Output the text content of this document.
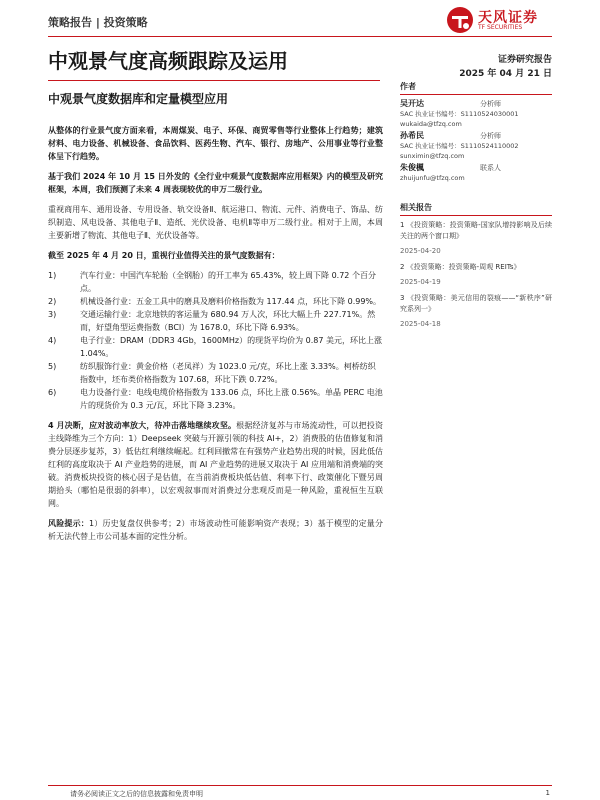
策略报告 | 投资策略	天风证券
TF SECURITIES
中观景气度高频跟踪及运用	证券研究报告
2025 年 04 月 21 日
中观景气度数据库和定量模型应用

从整体的行业景气度方面来看，本周煤炭、电子、环保、商贸零售等行业整体上行趋势；建筑材料、电力设备、机械设备、食品饮料、医药生物、汽车、银行、房地产、公用事业等行业整体呈下行趋势。

基于我们 2024 年 10 月 15 日外发的《全行业中观景气度数据库应用框架》内的模型及研究框架，本周，我们预测了未来 4 周表现较优的申万二级行业。

重视商用车、通用设备、专用设备、轨交设备Ⅱ、航运港口、物流、元件、消费电子、饰品、纺织制造、风电设备、其他电子Ⅱ、造纸、光伏设备、电机Ⅱ等申万二级行业。相对于上周，本周主要新增了物流、其他电子Ⅱ、光伏设备等。

截至 2025 年 4 月 20 日，重视行业值得关注的景气度数据有：

1)	汽车行业：中国汽车轮胎（全钢胎）的开工率为 65.43%，较上周下降 0.72 个百分点。
2)	机械设备行业：五金工具中的磨具及磨料价格指数为 117.44 点，环比下降 0.99%。
3)	交通运输行业：北京地铁的客运量为 680.94 万人次，环比大幅上升 227.71%。然而，好望角型运费指数（BCI）为 1678.0，环比下降 6.93%。
4)	电子行业：DRAM（DDR3 4Gb，1600MHz）的现货平均价为 0.87 美元，环比上涨 1.04%。
5)	纺织服饰行业：黄金价格（老凤祥）为 1023.0 元/克，环比上涨 3.33%。柯桥纺织指数中，坯布类价格指数为 107.68，环比下跌 0.72%。
6)	电力设备行业：电线电缆价格指数为 133.06 点，环比上涨 0.56%。单晶 PERC 电池片的现货价为 0.3 元/瓦，环比下降 3.23%。

4 月决断，应对波动率放大，待冲击落地继续攻坚。根据经济复苏与市场流动性，可以把投资主线降维为三个方向：1）Deepseek 突破与开源引领的科技 AI+，2）消费股的估值修复和消费分层逐步复苏，3）低估红利继续崛起。红利回撤常在有强势产业趋势出现的时候，因此低估红利的高度取决于 AI 产业趋势的进展，而 AI 产业趋势的进展又取决于 AI 应用端和消费端的突破。消费板块投资的核心因子是估值，在当前消费板块低估值、利率下行、政策催化下暨另周期拾头（哪怕是很弱的斜率），以宏观叙事而对消费过分悲观反而是一种风险，重视恒生互联网。

风险提示：1）历史复盘仅供参考；2）市场波动性可能影响资产表现；3）基于模型的定量分析无法代替上市公司基本面的定性分析。

作者
吴开达	分析师
SAC 执业证书编号：S1110524030001
wukaida@tfzq.com
孙希民	分析师
SAC 执业证书编号：S1110524110002
sunximin@tfzq.com
朱俊楓	联系人
zhuijunfu@tfzq.com
相关报告
1 《投资策略：投资策略-国家队增持影响及后续关注的两个窗口期》
2025-04-20
2 《投资策略：投资策略-周观 REITs》
2025-04-19
3 《投资策略：美元信用的裂痕——“新秩序”研究系列一》
2025-04-18
请务必阅读正文之后的信息披露和免责申明	1
